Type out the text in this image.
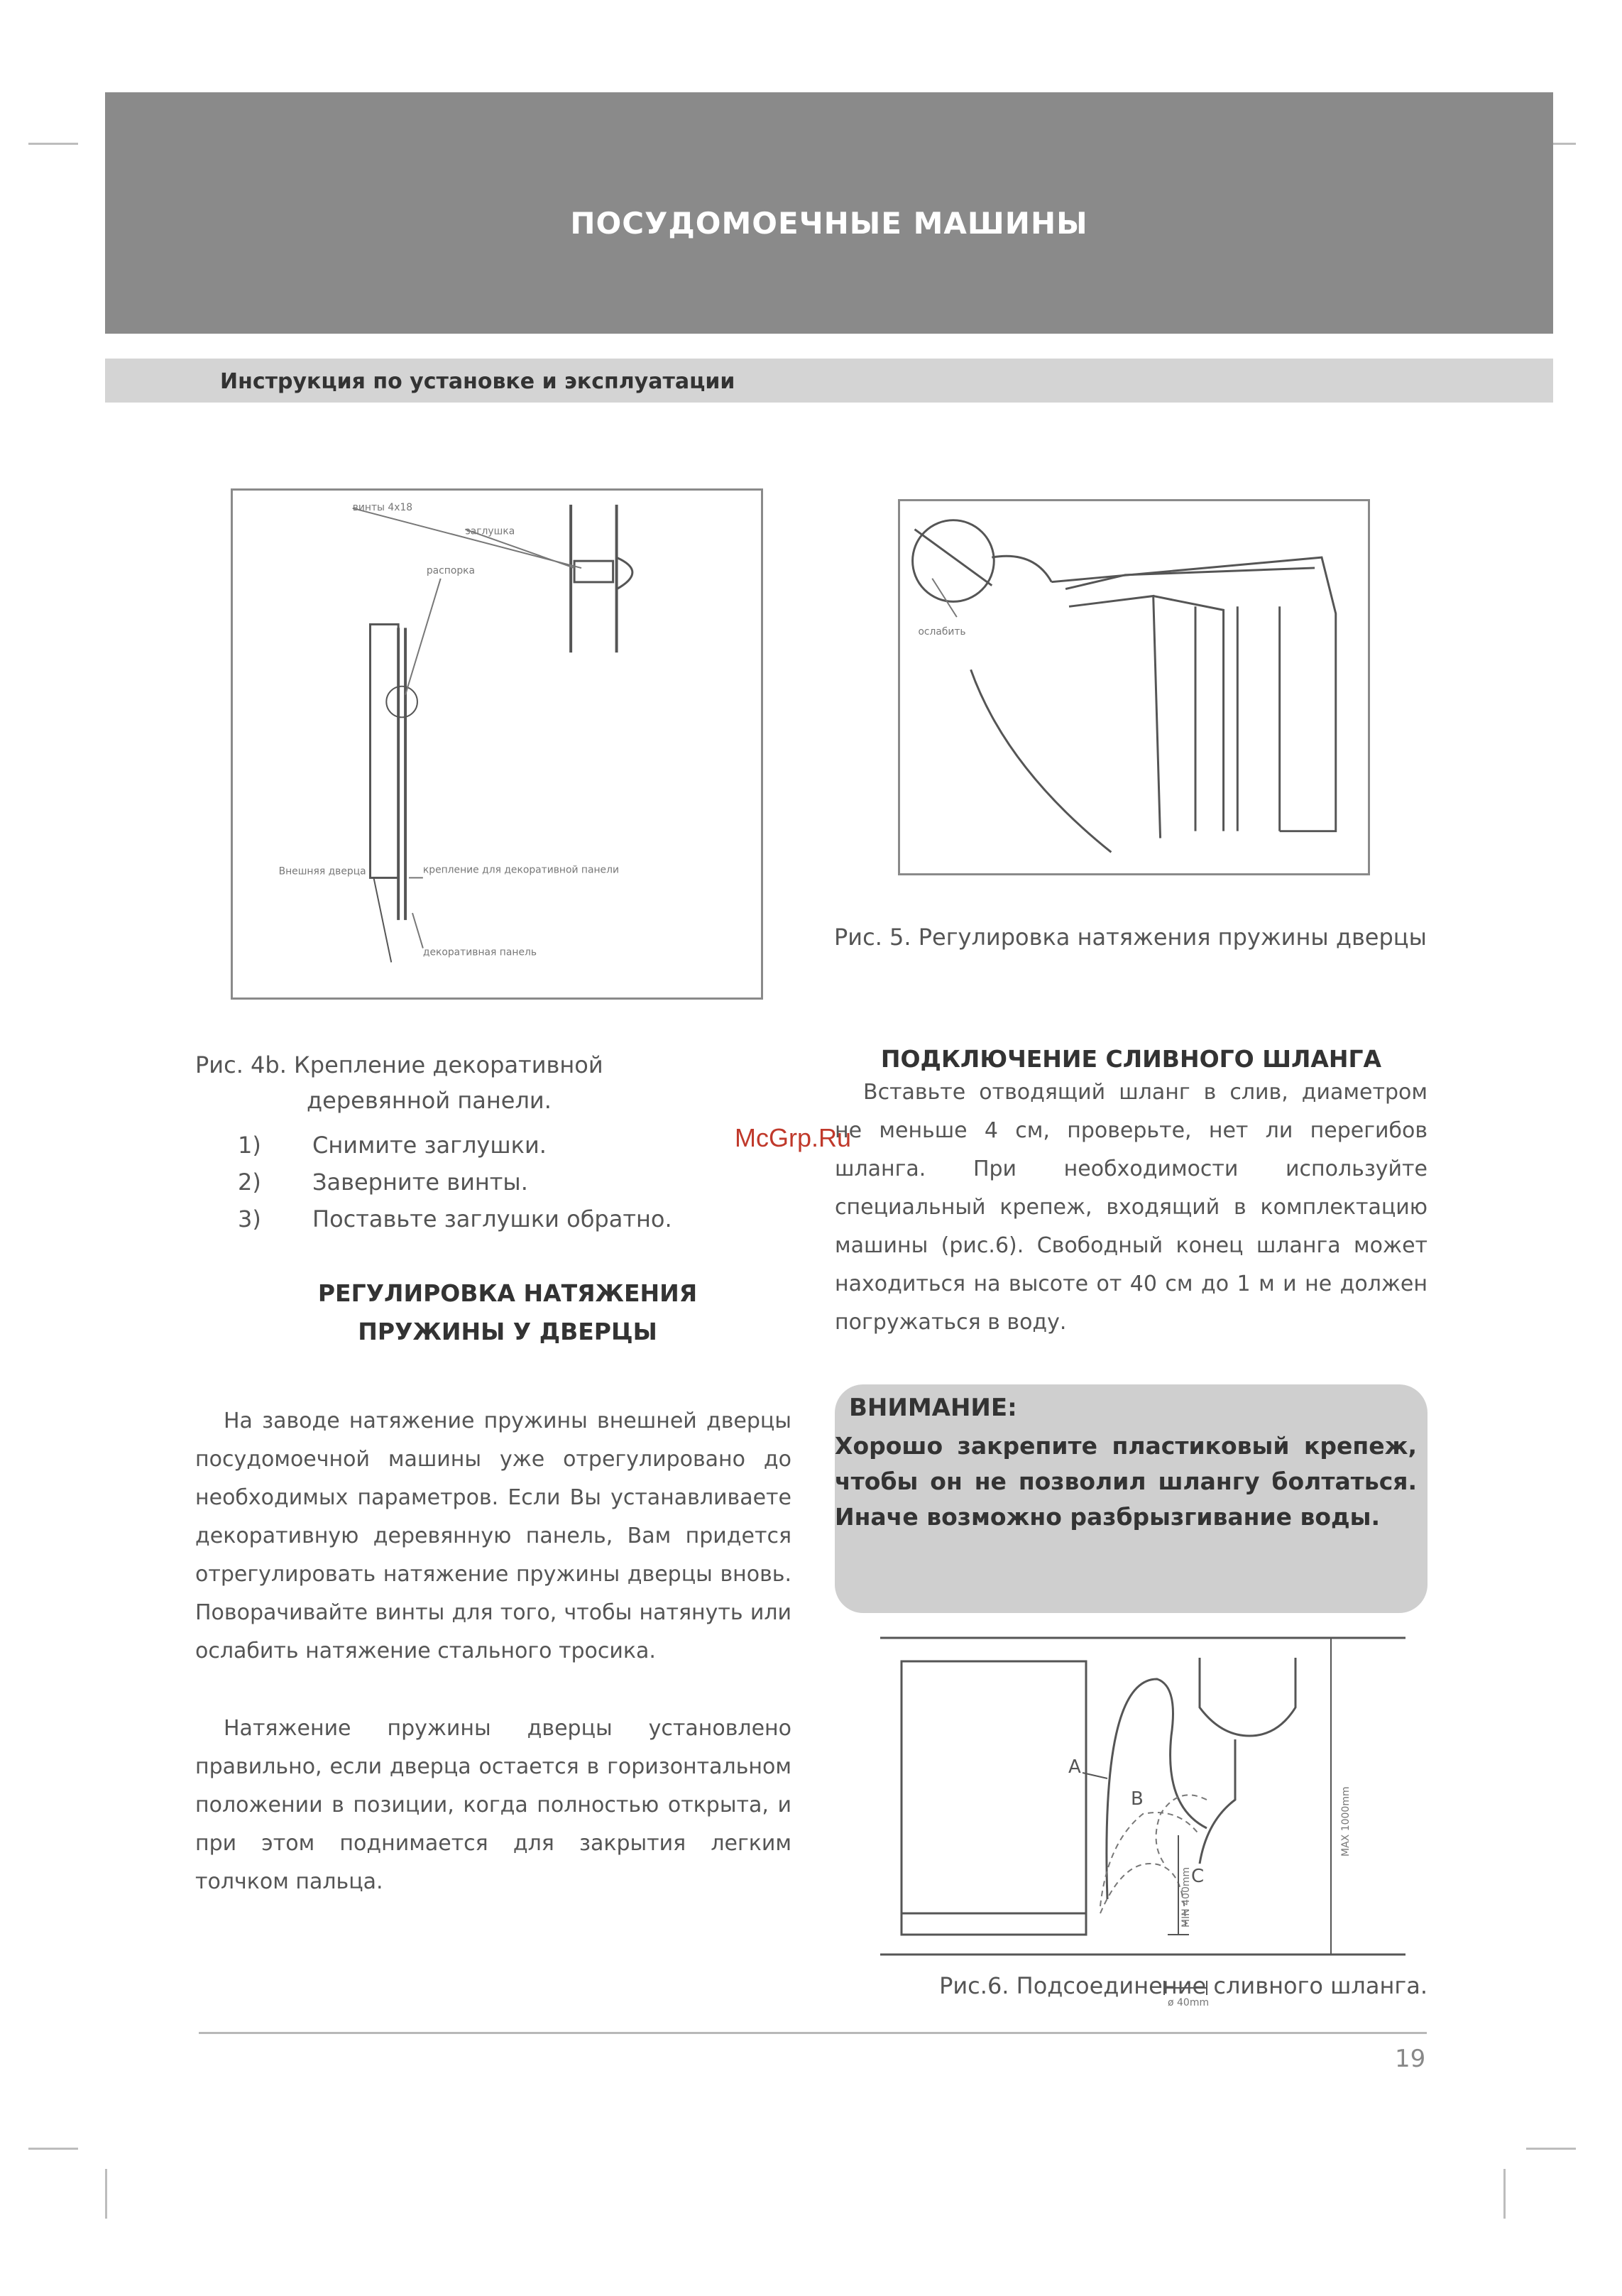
ПОСУДОМОЕЧНЫЕ МАШИНЫ
Инструкция по установке и эксплуатации
винты 4х18
заглушка
распорка
крепление для декоративной панели
Внешняя дверца
декоративная панель
Рис. 4b. Крепление декоративной
деревянной панели.
1)	Снимите заглушки.
2)	Заверните винты.
3)	Поставьте заглушки обратно.
РЕГУЛИРОВКА НАТЯЖЕНИЯ ПРУЖИНЫ У ДВЕРЦЫ
На заводе натяжение пружины внешней дверцы посудомоечной машины уже отрегулировано до необходимых параметров. Если Вы устанавливаете декоративную деревянную панель, Вам придется отрегулировать натяжение пружины дверцы вновь. Поворачивайте винты для того, чтобы натянуть или ослабить натяжение стального тросика.
Натяжение пружины дверцы установлено правильно, если дверца остается в горизонтальном положении в позиции, когда полностью открыта, и при этом поднимается для закрытия легким толчком пальца.
ослабить
Рис. 5. Регулировка натяжения пружины дверцы
ПОДКЛЮЧЕНИЕ СЛИВНОГО ШЛАНГА
McGrp.Ru
Вставьте отводящий шланг в слив, диаметром не меньше 4 см, проверьте, нет ли перегибов шланга. При необходимости используйте специальный крепеж, входящий в комплектацию машины (рис.6). Свободный конец шланга может находиться на высоте от 40 см до 1 м и не должен погружаться в воду.
ВНИМАНИЕ:
Хорошо закрепите пластиковый крепеж, чтобы он не позволил шлангу болтаться. Иначе возможно разбрызгивание воды.
A
B
C
MAX 1000mm
MIN 400mm
ø 40mm
Рис.6. Подсоединение сливного шланга.
19
